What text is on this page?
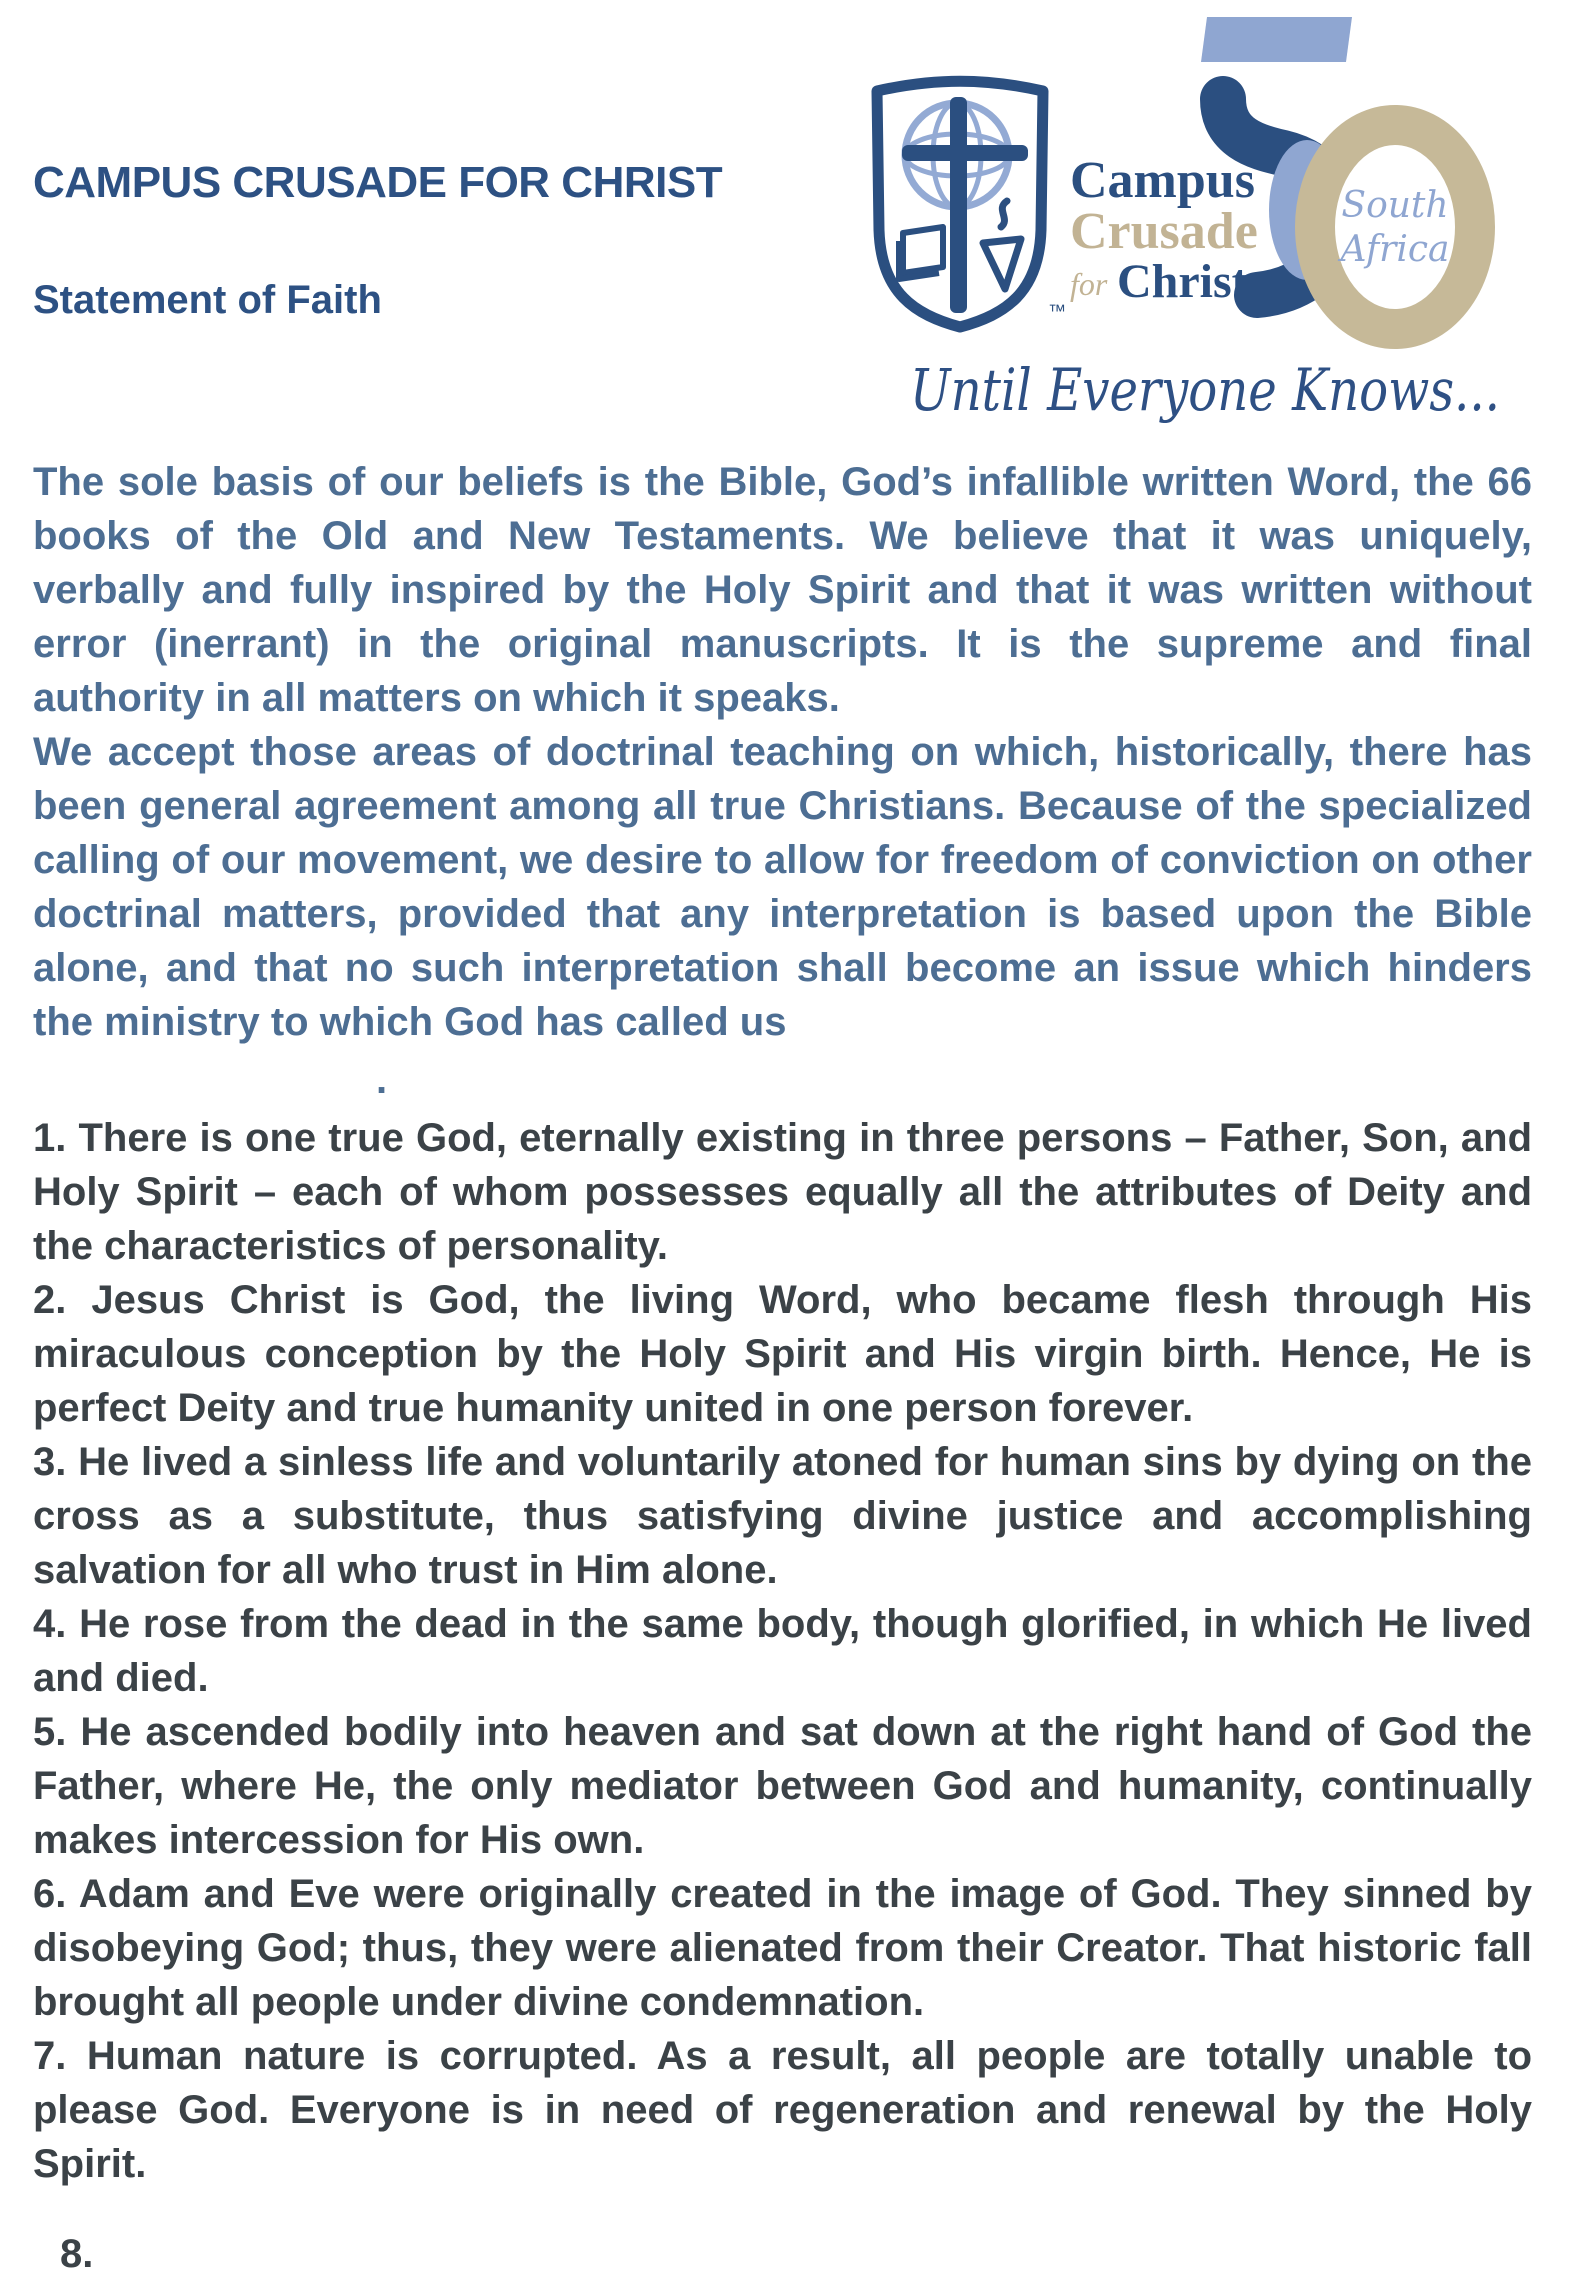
CAMPUS CRUSADE FOR CHRIST
Statement of Faith	™
Campus
Crusade
for Christ
South
Africa
Until Everyone Knows...

The sole basis of our beliefs is the Bible, God’s infallible written Word, the 66 books of the Old and New Testaments. We believe that it was uniquely, verbally and fully inspired by the Holy Spirit and that it was written without error (inerrant) in the original manuscripts. It is the supreme and final authority in all matters on which it speaks.

We accept those areas of doctrinal teaching on which, historically, there has been general agreement among all true Christians. Because of the specialized calling of our movement, we desire to allow for freedom of conviction on other doctrinal matters, provided that any interpretation is based upon the Bible alone, and that no such interpretation shall become an issue which hinders the ministry to which God has called us

.

1. There is one true God, eternally existing in three persons – Father, Son, and Holy Spirit – each of whom possesses equally all the attributes of Deity and the characteristics of personality.

2. Jesus Christ is God, the living Word, who became flesh through His miraculous conception by the Holy Spirit and His virgin birth. Hence, He is perfect Deity and true humanity united in one person forever.

3. He lived a sinless life and voluntarily atoned for human sins by dying on the cross as a substitute, thus satisfying divine justice and accomplishing salvation for all who trust in Him alone.

4. He rose from the dead in the same body, though glorified, in which He lived and died.

5. He ascended bodily into heaven and sat down at the right hand of God the Father, where He, the only mediator between God and humanity, continually makes intercession for His own.

6. Adam and Eve were originally created in the image of God. They sinned by disobeying God; thus, they were alienated from their Creator. That historic fall brought all people under divine condemnation.

7. Human nature is corrupted. As a result, all people are totally unable to please God. Everyone is in need of regeneration and renewal by the Holy Spirit.

8.
